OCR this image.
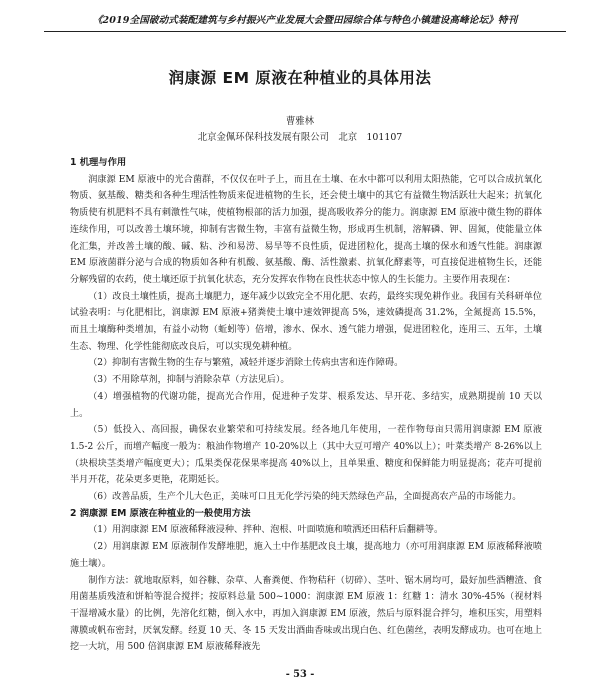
《2019全国破动式装配建筑与乡村振兴产业发展大会暨田园综合体与特色小镇建设高峰论坛》特刊
润康源 EM 原液在种植业的具体用法
曹雅林
北京金佩环保科技发展有限公司　北京　101107
1 机理与作用

润康源 EM 原液中的光合菌群，不仅仅在叶子上，而且在土壤、在水中都可以利用太阳热能，它可以合成抗氧化物质、氨基酸、糖类和各种生理活性物质来促进植物的生长，还会使土壤中的其它有益微生物活跃壮大起来；抗氧化物质使有机肥料不具有刺激性气味，使植物根部的活力加强，提高吸收养分的能力。润康源 EM 原液中微生物的群体连续作用，可以改善土壤环境，抑制有害微生物，丰富有益微生物，形成再生机制，溶解磷、钾、固氮，使能量立体化汇集，并改善土壤的酸、碱、粘、沙和易涝、易旱等不良性质，促进团粒化，提高土壤的保水和透气性能。润康源 EM 原液菌群分泌与合成的物质如各种有机酸、氨基酸、酶、活性激素、抗氧化酵素等，可直接促进植物生长，还能分解残留的农药，使土壤还原于抗氧化状态，充分发挥农作物在良性状态中惊人的生长能力。主要作用表现在：

（1）改良土壤性质，提高土壤肥力，逐年减少以致完全不用化肥、农药，最终实现免耕作业。我国有关科研单位试验表明：与化肥相比，润康源 EM 原液+猪粪使土壤中速效钾提高 5%，速效磷提高 31.2%，全氮提高 15.5%，而且土壤酶种类增加，有益小动物（蚯蚓等）倍增，渗水、保水、透气能力增强，促进团粒化，连用三、五年，土壤生态、物理、化学性能彻底改良后，可以实现免耕种植。

（2）抑制有害微生物的生存与繁殖，减轻并逐步消除土传病虫害和连作障碍。

（3）不用除草剂，抑制与消除杂草（方法见后）。

（4）增强植物的代谢功能，提高光合作用，促进种子发芽、根系发达、早开花、多结实，成熟期提前 10 天以上。

（5）低投入、高回报，确保农业繁荣和可持续发展。经各地几年使用，一茬作物每亩只需用润康源 EM 原液 1.5-2 公斤，而增产幅度一般为：粮油作物增产 10-20%以上（其中大豆可增产 40%以上）；叶菜类增产 8-26%以上（块根块茎类增产幅度更大）；瓜果类保花保果率提高 40%以上，且单果重、糖度和保鲜能力明显提高；花卉可提前半月开花，花朵更多更艳，花期延长。

（6）改善品质，生产个儿大色正，美味可口且无化学污染的纯天然绿色产品，全面提高农产品的市场能力。

2 润康源 EM 原液在种植业的一般使用方法

（1）用润康源 EM 原液稀释液浸种、拌种、泡根、叶面喷施和喷洒还田秸秆后翻耕等。

（2）用润康源 EM 原液制作发酵堆肥，施入土中作基肥改良土壤，提高地力（亦可用润康源 EM 原液稀释液喷施土壤）。

制作方法：就地取原料，如谷糠、杂草、人畜粪便、作物秸秆（切碎）、茎叶、锯木屑均可，最好加些酒糟渣、食用菌基质残渣和饼粕等混合搅拌；按原料总量 500~1000：润康源 EM 原液 1：红糖 1：清水 30%-45%（视材料干湿增减水量）的比例，先溶化红糖，倒入水中，再加入润康源 EM 原液，然后与原料混合拌匀，堆积压实，用塑料薄膜或帆布密封，厌氧发酵。经夏 10 天、冬 15 天发出酒曲香味或出现白色、红色菌丝，表明发酵成功。也可在地上挖一大坑，用 500 倍润康源 EM 原液稀释液先

- 53 -
